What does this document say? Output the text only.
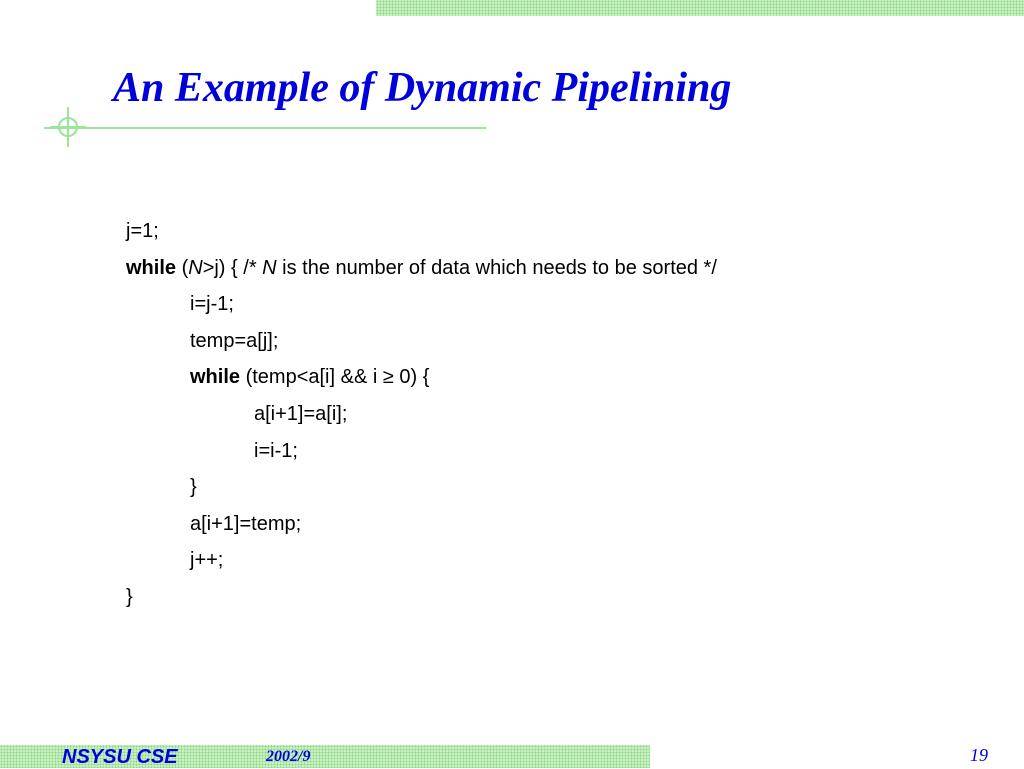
An Example of Dynamic Pipelining
j=1;
while (N>j) { /* N is the number of data which needs to be sorted */
i=j-1;
temp=a[j];
while (temp<a[i] && i ≥ 0) {
a[i+1]=a[i];
i=i-1;
}
a[i+1]=temp;
j++;
}
NSYSU CSE	2002/9	19
